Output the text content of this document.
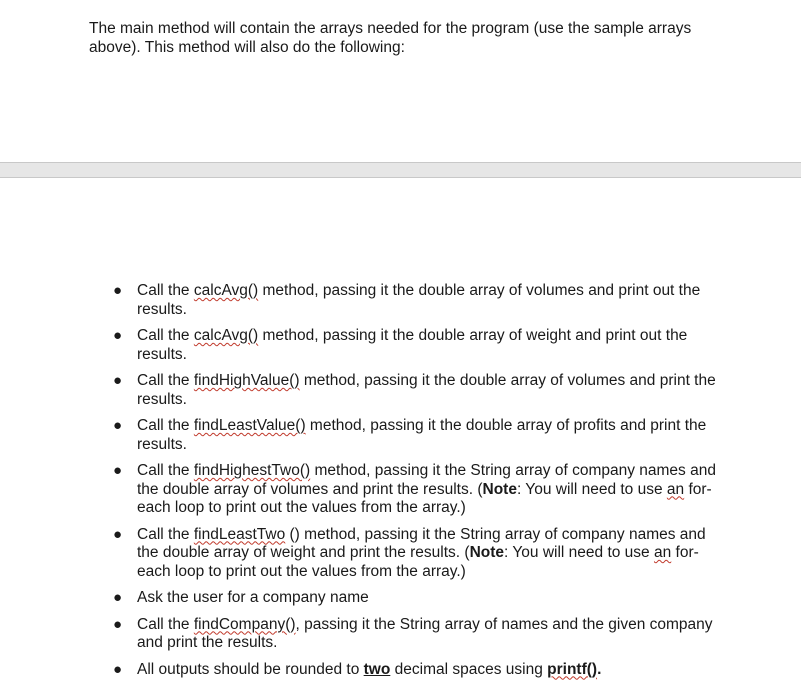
The main method will contain the arrays needed for the program (use the sample arrays above). This method will also do the following:

● Call the calcAvg() method, passing it the double array of volumes and print out the results.
● Call the calcAvg() method, passing it the double array of weight and print out the results.
● Call the findHighValue() method, passing it the double array of volumes and print the results.
● Call the findLeastValue() method, passing it the double array of profits and print the results.
● Call the findHighestTwo() method, passing it the String array of company names and the double array of volumes and print the results. (Note: You will need to use an for-each loop to print out the values from the array.)
● Call the findLeastTwo () method, passing it the String array of company names and the double array of weight and print the results. (Note: You will need to use an for-each loop to print out the values from the array.)
● Ask the user for a company name
● Call the findCompany(), passing it the String array of names and the given company and print the results.
● All outputs should be rounded to two decimal spaces using printf().
